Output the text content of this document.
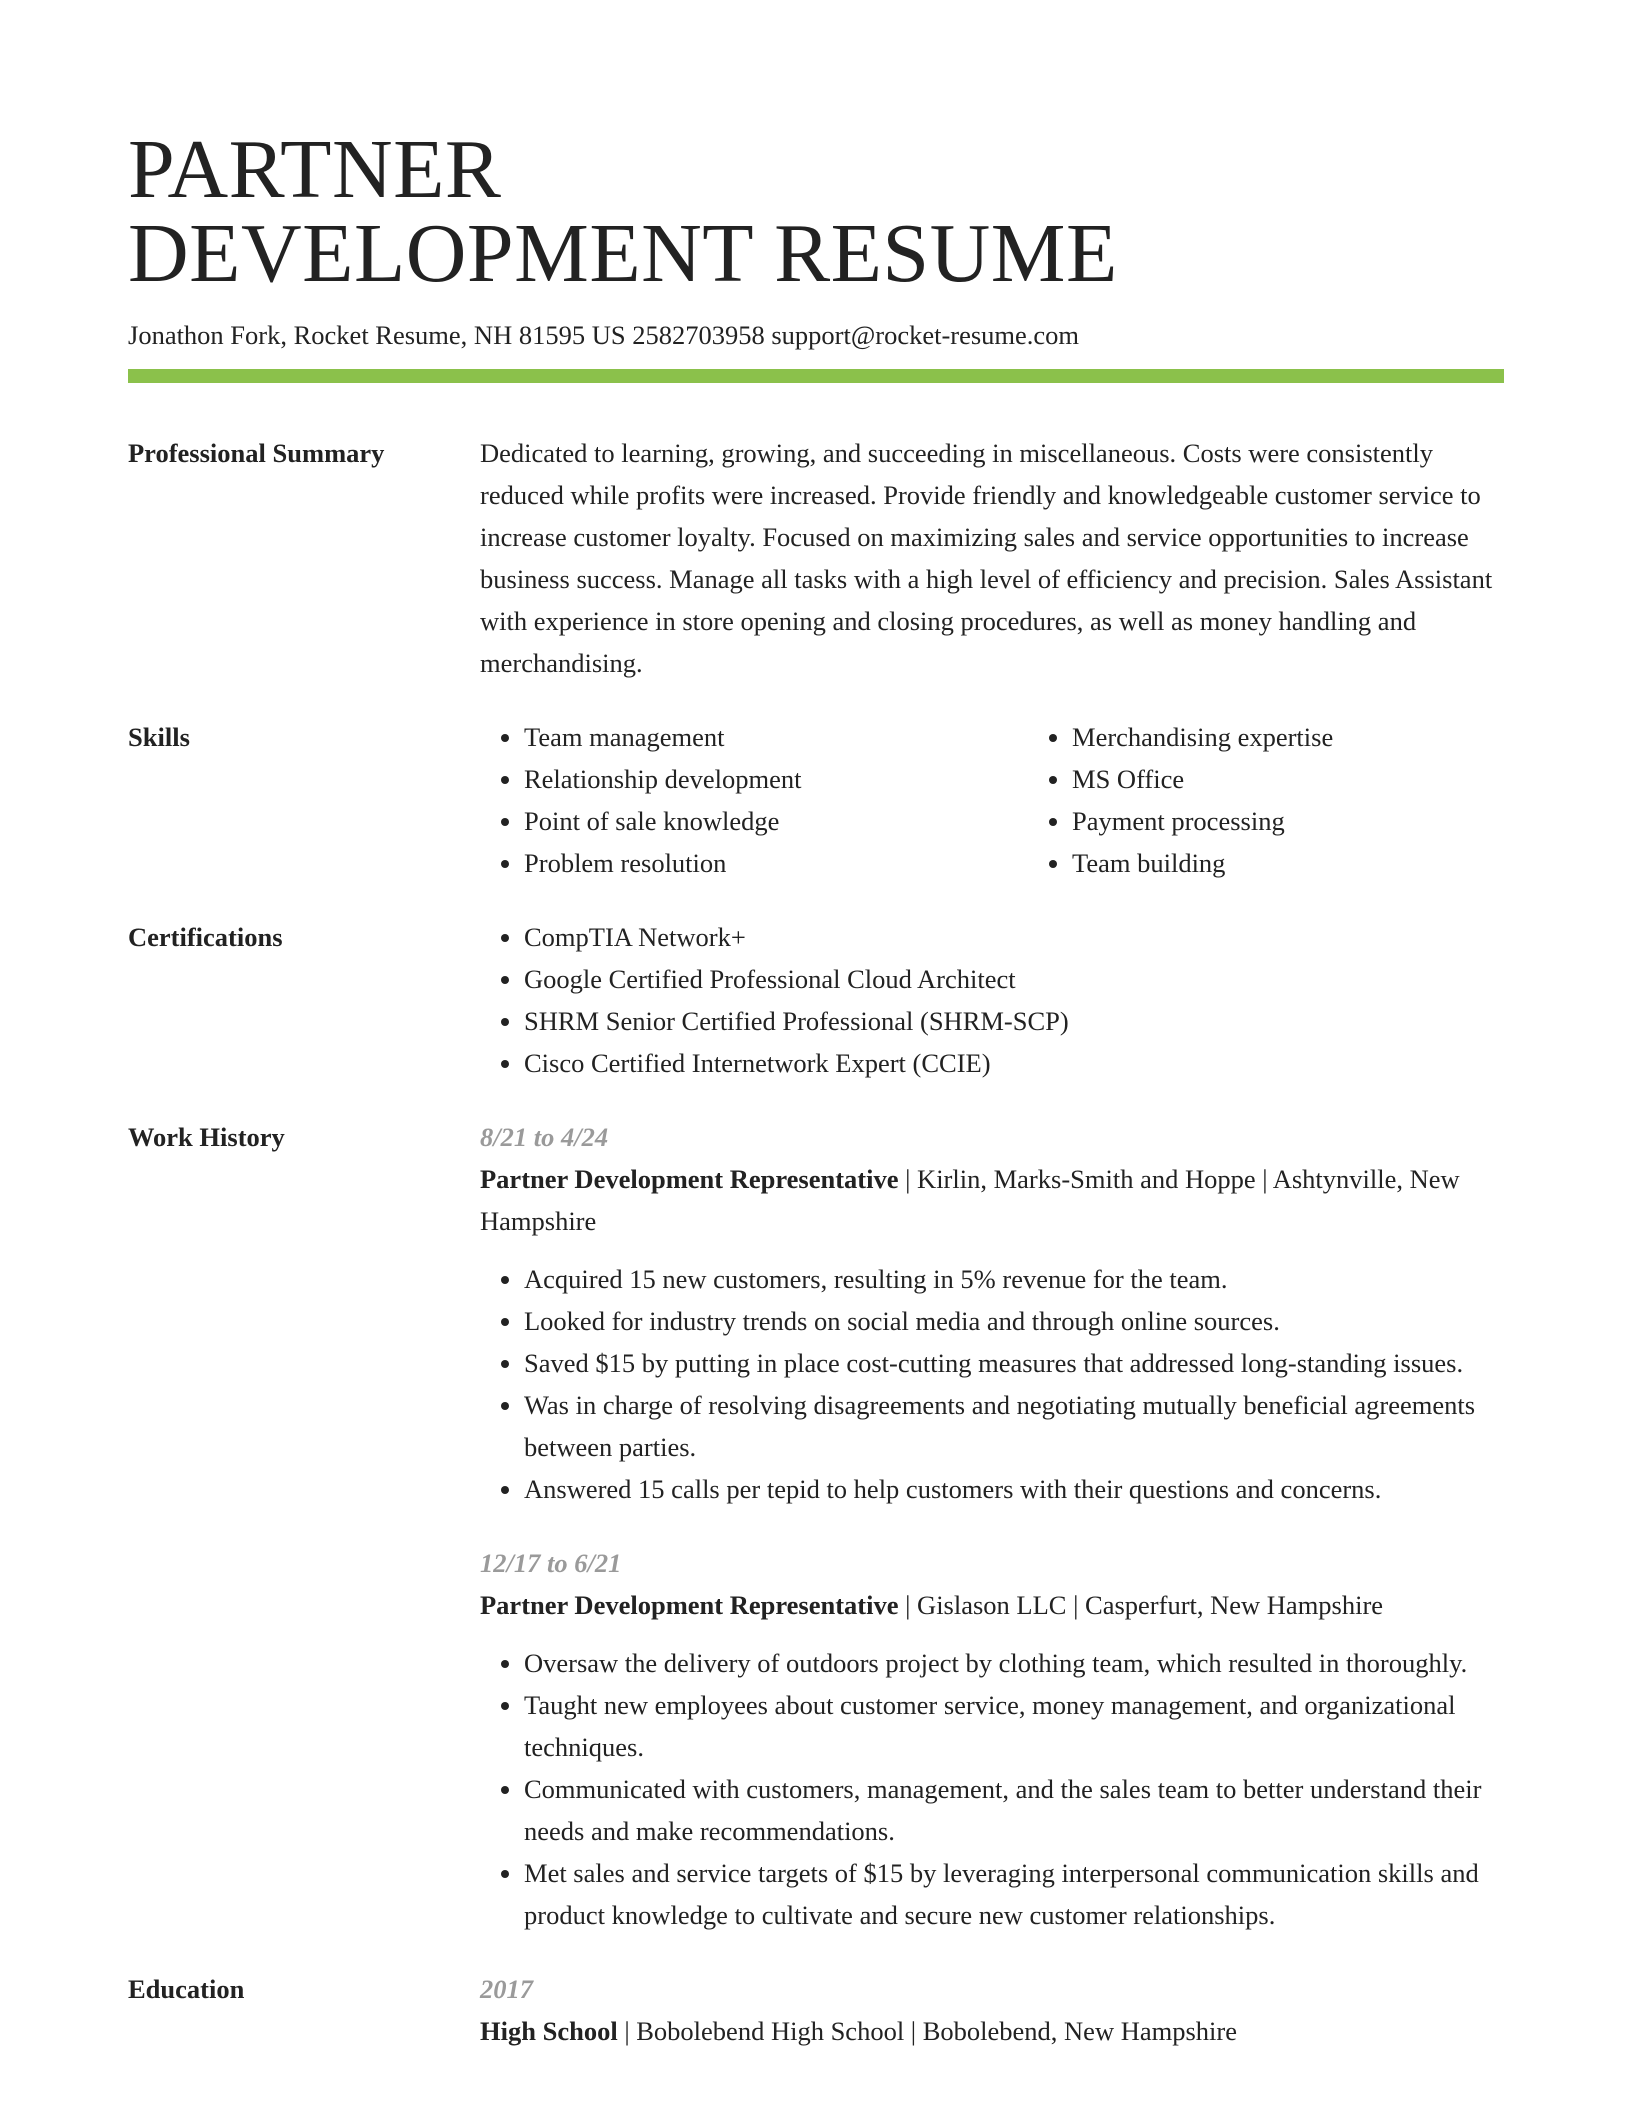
PARTNER
DEVELOPMENT RESUME
Jonathon Fork, Rocket Resume, NH 81595 US 2582703958 support@rocket-resume.com
Professional Summary	Dedicated to learning, growing, and succeeding in miscellaneous. Costs were consistently reduced while profits were increased. Provide friendly and knowledgeable customer service to increase customer loyalty. Focused on maximizing sales and service opportunities to increase business success. Manage all tasks with a high level of efficiency and precision. Sales Assistant with experience in store opening and closing procedures, as well as money handling and merchandising.

Skills	• Team management
• Relationship development
• Point of sale knowledge
• Problem resolution
• Merchandising expertise
• MS Office
• Payment processing
• Team building
Certifications	• CompTIA Network+
• Google Certified Professional Cloud Architect
• SHRM Senior Certified Professional (SHRM-SCP)
• Cisco Certified Internetwork Expert (CCIE)
Work History	8/21 to 4/24

Partner Development Representative | Kirlin, Marks-Smith and Hoppe | Ashtynville, New Hampshire

• Acquired 15 new customers, resulting in 5% revenue for the team.
• Looked for industry trends on social media and through online sources.
• Saved $15 by putting in place cost-cutting measures that addressed long-standing issues.
• Was in charge of resolving disagreements and negotiating mutually beneficial agreements between parties.
• Answered 15 calls per tepid to help customers with their questions and concerns.
12/17 to 6/21

Partner Development Representative | Gislason LLC | Casperfurt, New Hampshire

• Oversaw the delivery of outdoors project by clothing team, which resulted in thoroughly.
• Taught new employees about customer service, money management, and organizational techniques.
• Communicated with customers, management, and the sales team to better understand their needs and make recommendations.
• Met sales and service targets of $15 by leveraging interpersonal communication skills and product knowledge to cultivate and secure new customer relationships.
Education	2017

High School | Bobolebend High School | Bobolebend, New Hampshire
